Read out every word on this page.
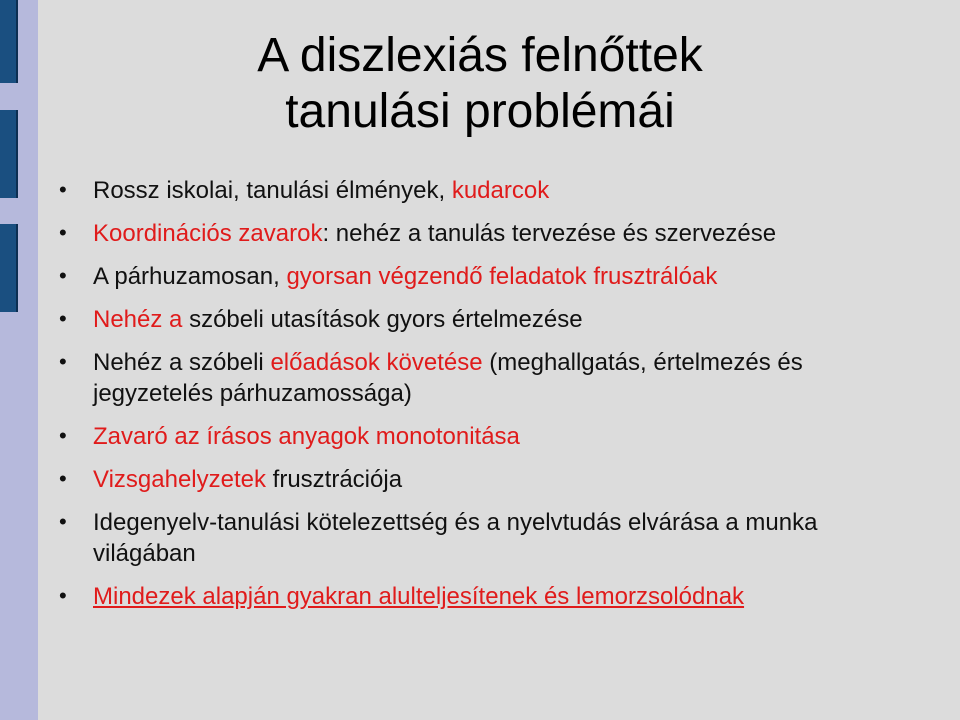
A diszlexiás felnőttek
tanulási problémái
• Rossz iskolai, tanulási élmények, kudarcok
• Koordinációs zavarok: nehéz a tanulás tervezése és szervezése
• A párhuzamosan, gyorsan végzendő feladatok frusztrálóak
• Nehéz a szóbeli utasítások gyors értelmezése
• Nehéz a szóbeli előadások követése (meghallgatás, értelmezés és jegyzetelés párhuzamossága)
• Zavaró az írásos anyagok monotonitása
• Vizsgahelyzetek frusztrációja
• Idegenyelv-tanulási kötelezettség és a nyelvtudás elvárása a munka világában
• Mindezek alapján gyakran alulteljesítenek és lemorzsolódnak
